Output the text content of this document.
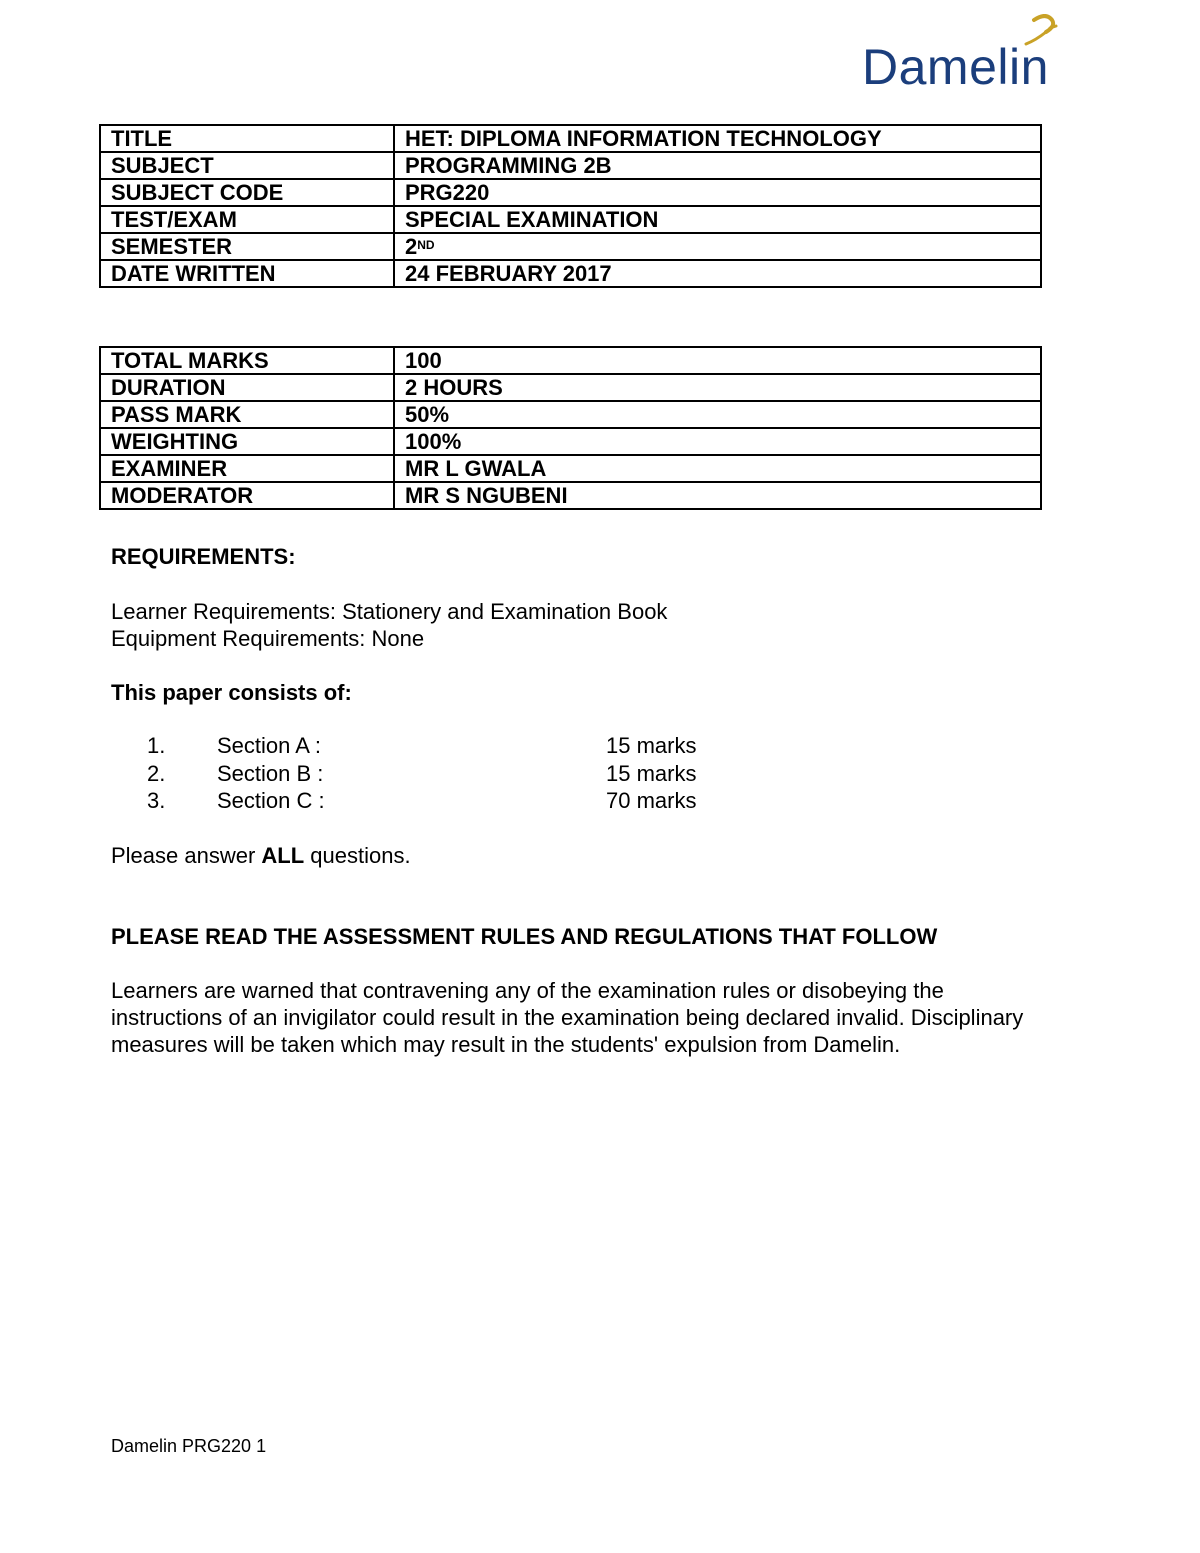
Damelin
TITLE	HET: DIPLOMA INFORMATION TECHNOLOGY
SUBJECT	PROGRAMMING 2B
SUBJECT CODE	PRG220
TEST/EXAM	SPECIAL EXAMINATION
SEMESTER	2ND
DATE WRITTEN	24 FEBRUARY 2017
TOTAL MARKS	100
DURATION	2 HOURS
PASS MARK	50%
WEIGHTING	100%
EXAMINER	MR L GWALA
MODERATOR	MR S NGUBENI
REQUIREMENTS:
Learner Requirements: Stationery and Examination Book
Equipment Requirements: None
This paper consists of:
1. Section A :	15 marks
2. Section B :	15 marks
3. Section C :	70 marks
Please answer ALL questions.
PLEASE READ THE ASSESSMENT RULES AND REGULATIONS THAT FOLLOW
Learners are warned that contravening any of the examination rules or disobeying the
instructions of an invigilator could result in the examination being declared invalid. Disciplinary
measures will be taken which may result in the students' expulsion from Damelin.
Damelin PRG220 1
